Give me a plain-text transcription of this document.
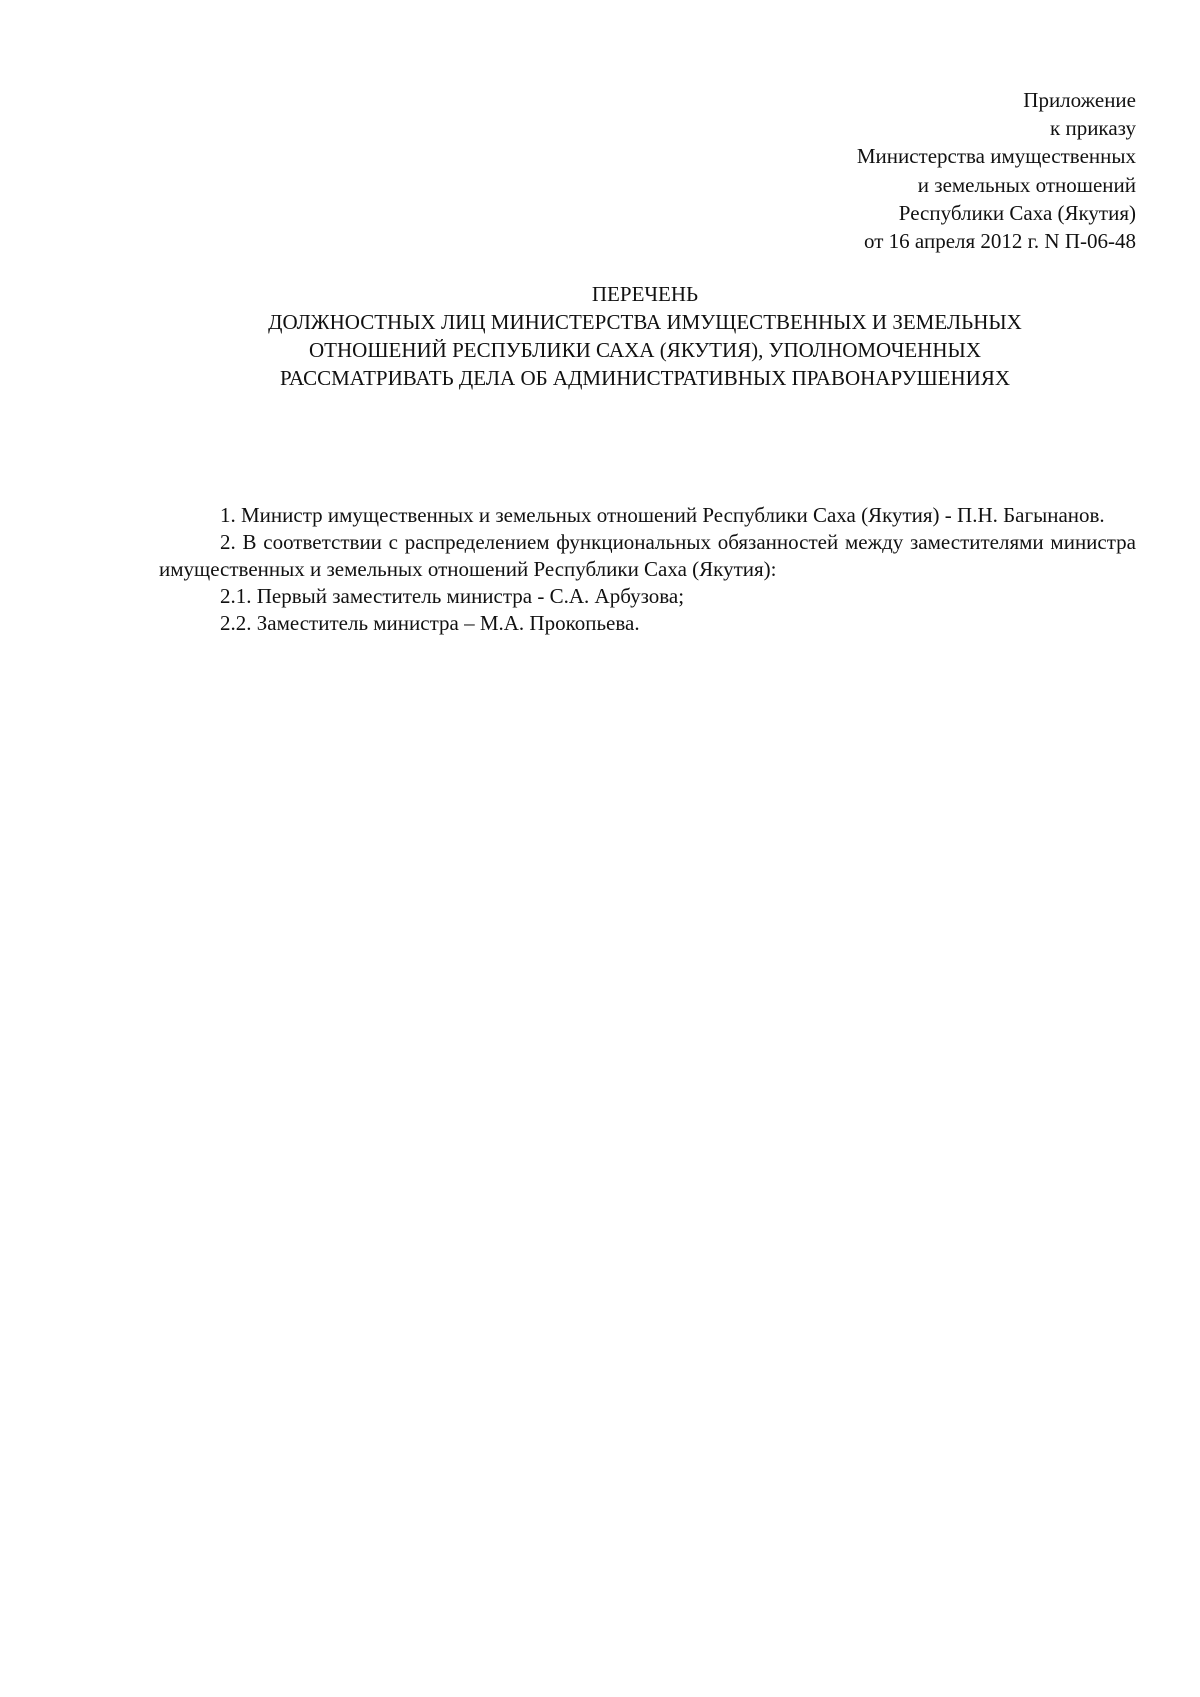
Приложение
к приказу
Министерства имущественных
и земельных отношений
Республики Саха (Якутия)
от 16 апреля 2012 г. N П-06-48
ПЕРЕЧЕНЬ
ДОЛЖНОСТНЫХ ЛИЦ МИНИСТЕРСТВА ИМУЩЕСТВЕННЫХ И ЗЕМЕЛЬНЫХ
ОТНОШЕНИЙ РЕСПУБЛИКИ САХА (ЯКУТИЯ), УПОЛНОМОЧЕННЫХ
РАССМАТРИВАТЬ ДЕЛА ОБ АДМИНИСТРАТИВНЫХ ПРАВОНАРУШЕНИЯХ

1. Министр имущественных и земельных отношений Республики Саха (Якутия) - П.Н. Багынанов.

2. В соответствии с распределением функциональных обязанностей между заместителями министра имущественных и земельных отношений Республики Саха (Якутия):

2.1. Первый заместитель министра - С.А. Арбузова;

2.2. Заместитель министра – М.А. Прокопьева.
